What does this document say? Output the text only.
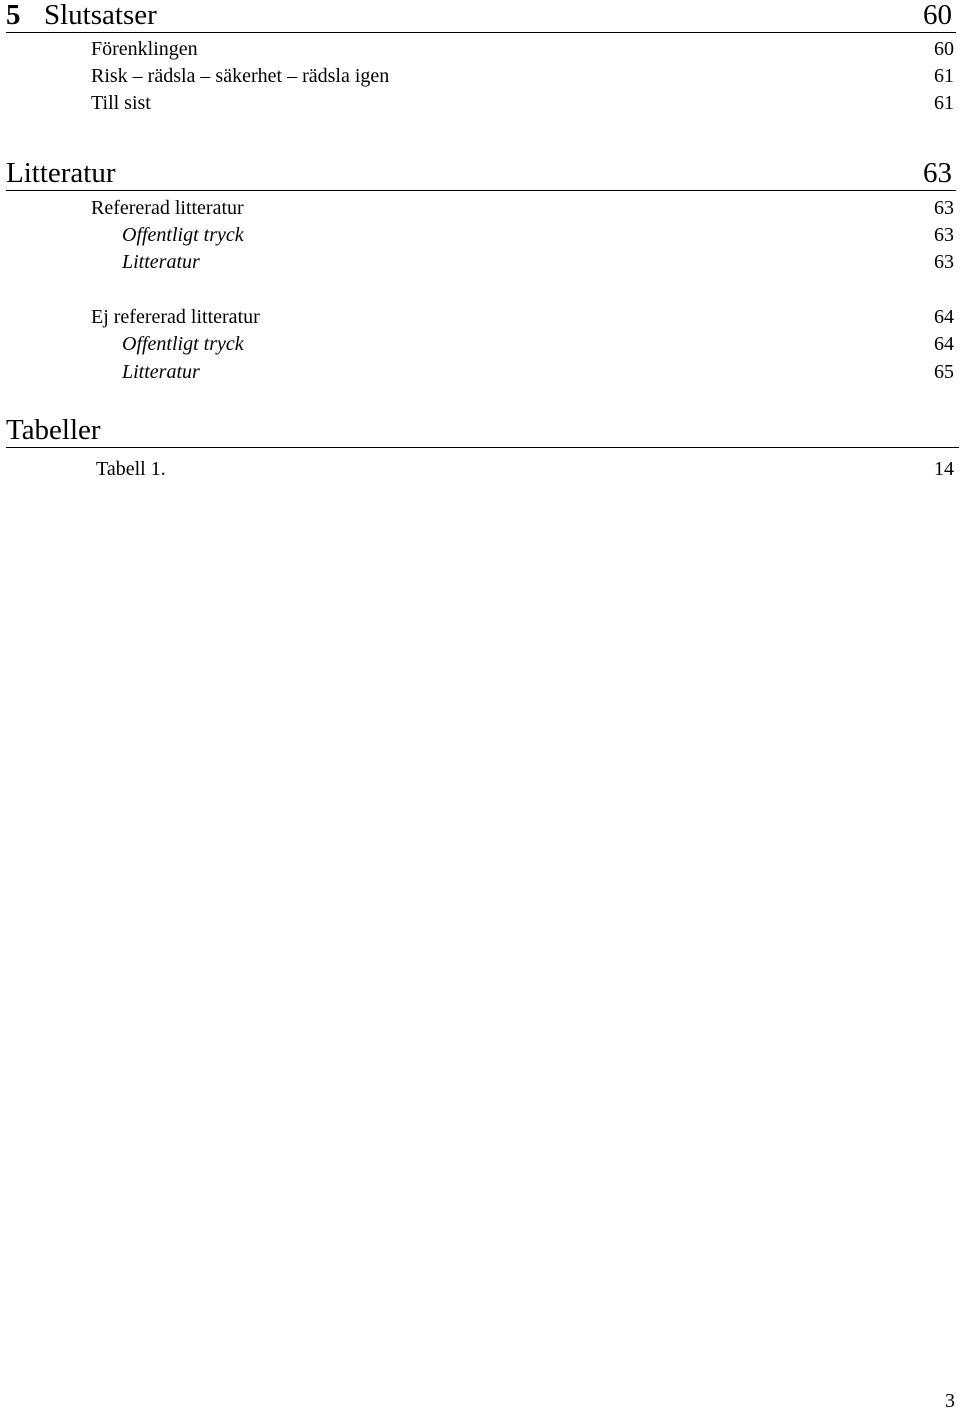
5 Slutsatser	60
Förenklingen	60
Risk – rädsla – säkerhet – rädsla igen	61
Till sist	61
Litteratur	63
Refererad litteratur	63
Offentligt tryck	63
Litteratur	63
Ej refererad litteratur	64
Offentligt tryck	64
Litteratur	65
Tabeller
Tabell 1.	14
3
